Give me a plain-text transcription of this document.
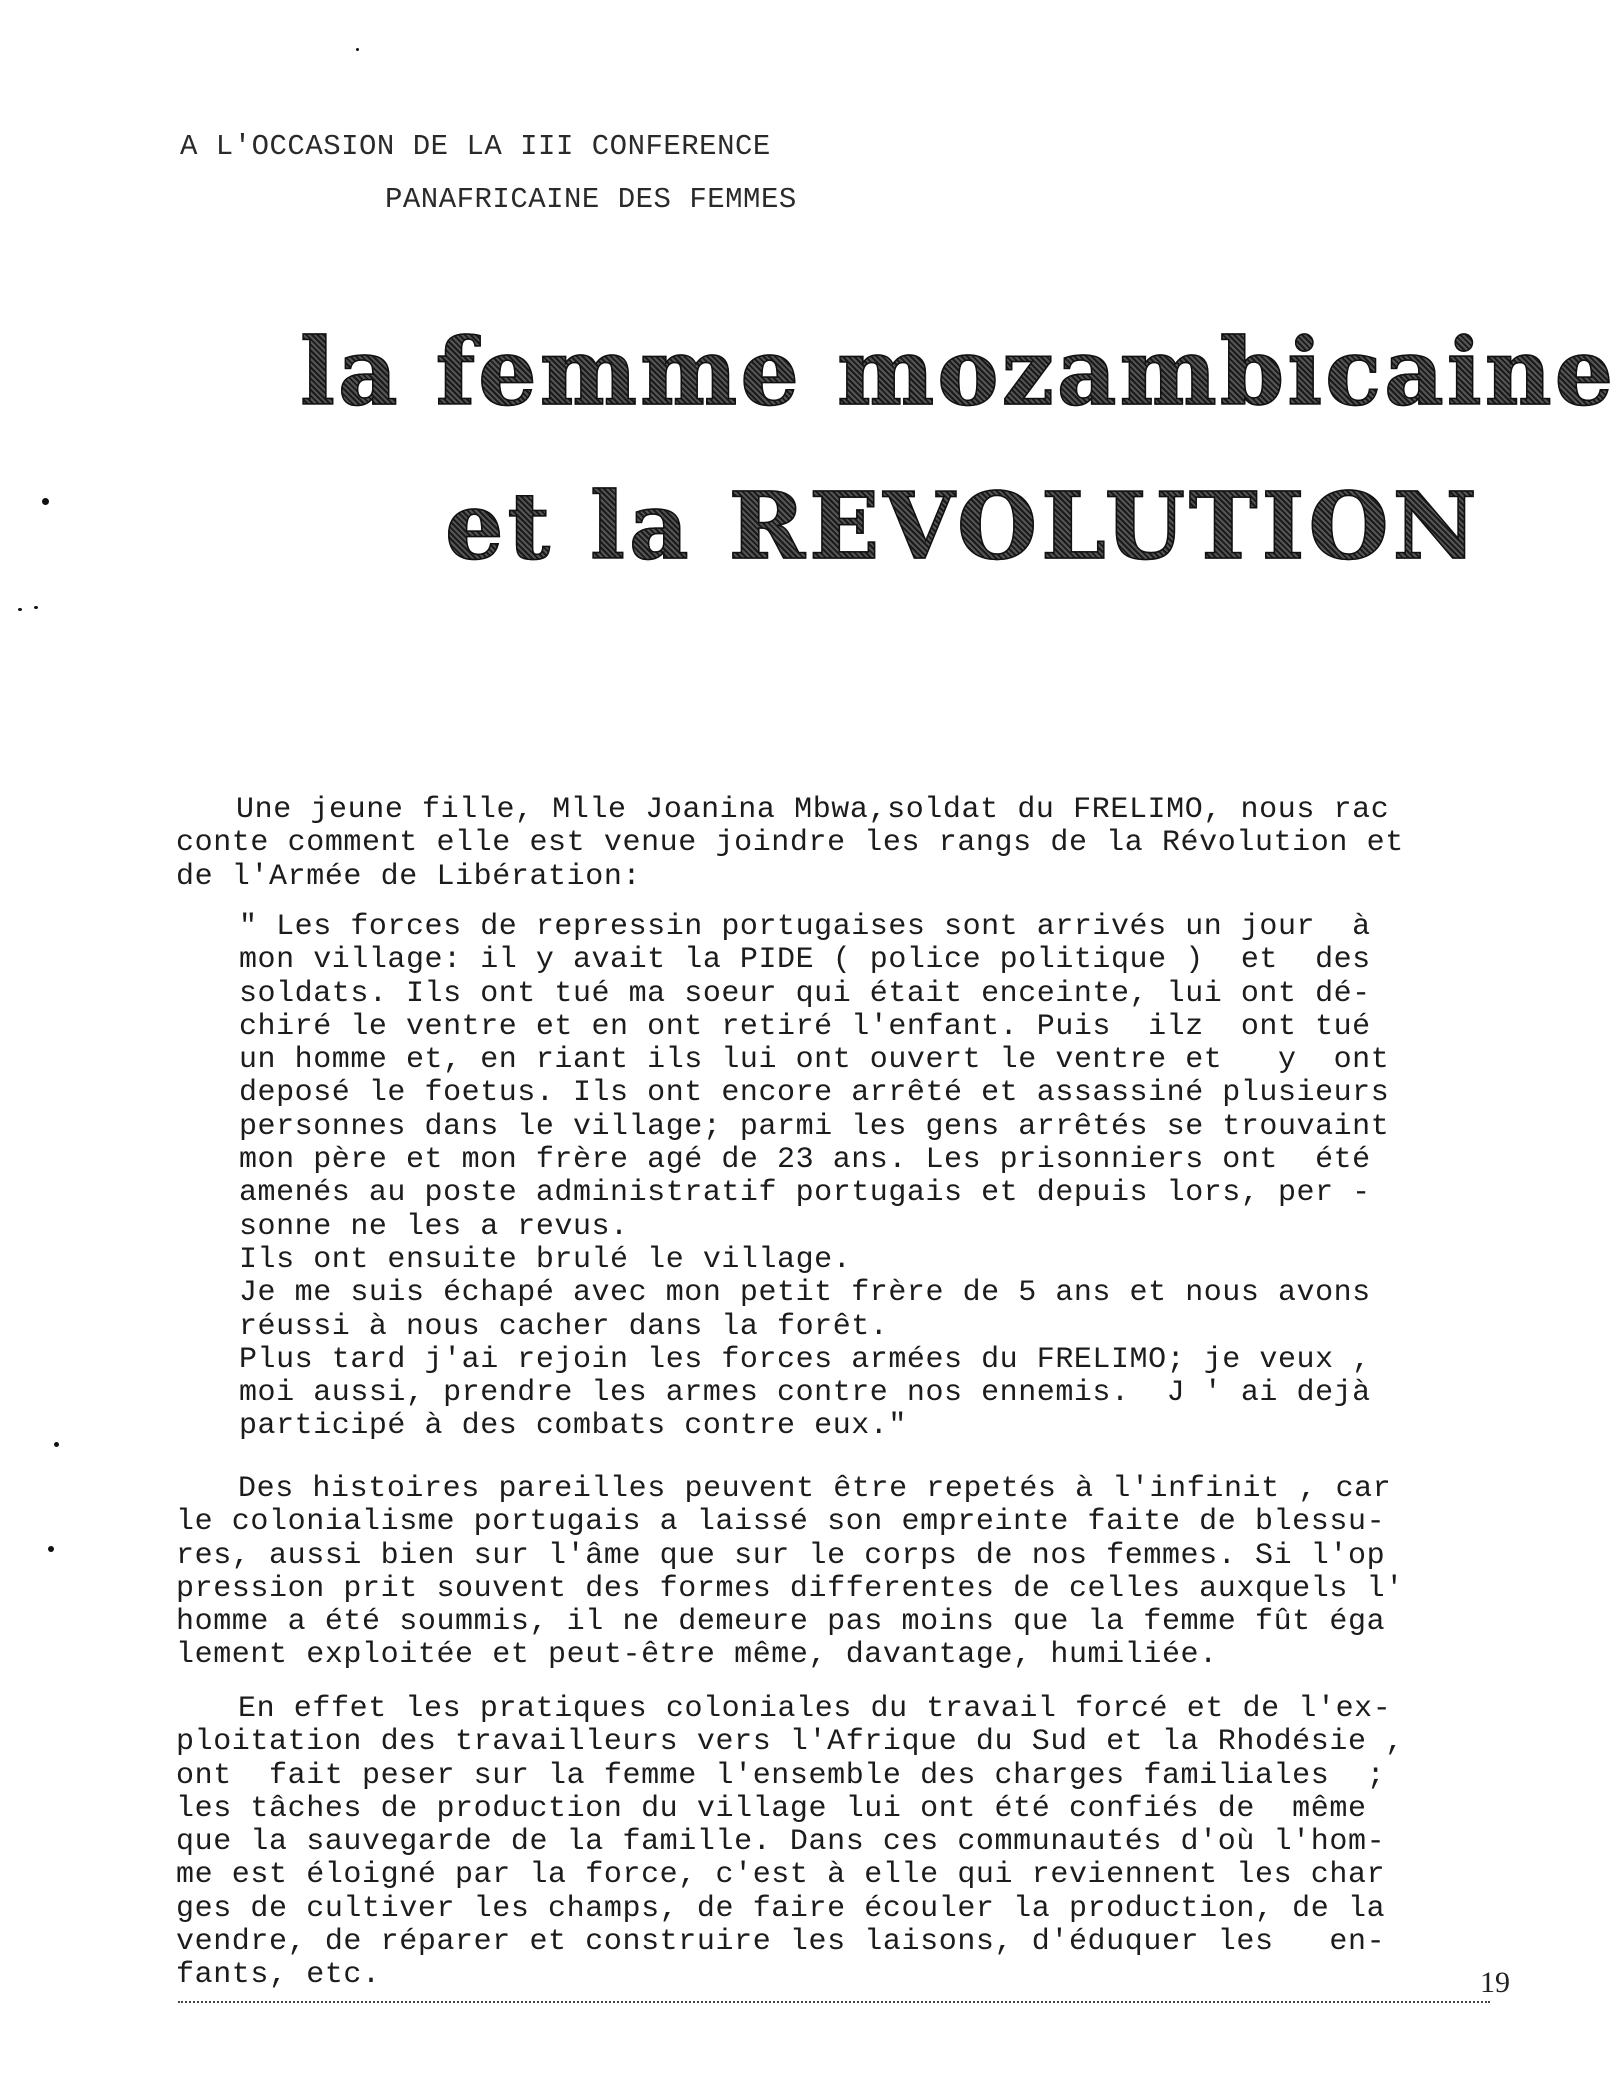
A L'OCCASION DE LA III CONFERENCE
PANAFRICAINE DES FEMMES
la femme mozambicaine
et la REVOLUTION
Une jeune fille, Mlle Joanina Mbwa,soldat du FRELIMO, nous rac
conte comment elle est venue joindre les rangs de la Révolution et
de l'Armée de Libération:
" Les forces de repressin portugaises sont arrivés un jour  à
mon village: il y avait la PIDE ( police politique )  et  des
soldats. Ils ont tué ma soeur qui était enceinte, lui ont dé-
chiré le ventre et en ont retiré l'enfant. Puis  ilz  ont tué
un homme et, en riant ils lui ont ouvert le ventre et   y  ont
deposé le foetus. Ils ont encore arrêté et assassiné plusieurs
personnes dans le village; parmi les gens arrêtés se trouvaint
mon père et mon frère agé de 23 ans. Les prisonniers ont  été
amenés au poste administratif portugais et depuis lors, per -
sonne ne les a revus.
Ils ont ensuite brulé le village.
Je me suis échapé avec mon petit frère de 5 ans et nous avons
réussi à nous cacher dans la forêt.
Plus tard j'ai rejoin les forces armées du FRELIMO; je veux ,
moi aussi, prendre les armes contre nos ennemis.  J ' ai dejà
participé à des combats contre eux."
Des histoires pareilles peuvent être repetés à l'infinit , car
le colonialisme portugais a laissé son empreinte faite de blessu-
res, aussi bien sur l'âme que sur le corps de nos femmes. Si l'op
pression prit souvent des formes differentes de celles auxquels l'
homme a été soummis, il ne demeure pas moins que la femme fût éga
lement exploitée et peut-être même, davantage, humiliée.
En effet les pratiques coloniales du travail forcé et de l'ex-
ploitation des travailleurs vers l'Afrique du Sud et la Rhodésie ,
ont  fait peser sur la femme l'ensemble des charges familiales  ;
les tâches de production du village lui ont été confiés de  même
que la sauvegarde de la famille. Dans ces communautés d'où l'hom-
me est éloigné par la force, c'est à elle qui reviennent les char
ges de cultiver les champs, de faire écouler la production, de la
vendre, de réparer et construire les laisons, d'éduquer les   en-
fants, etc.	19
